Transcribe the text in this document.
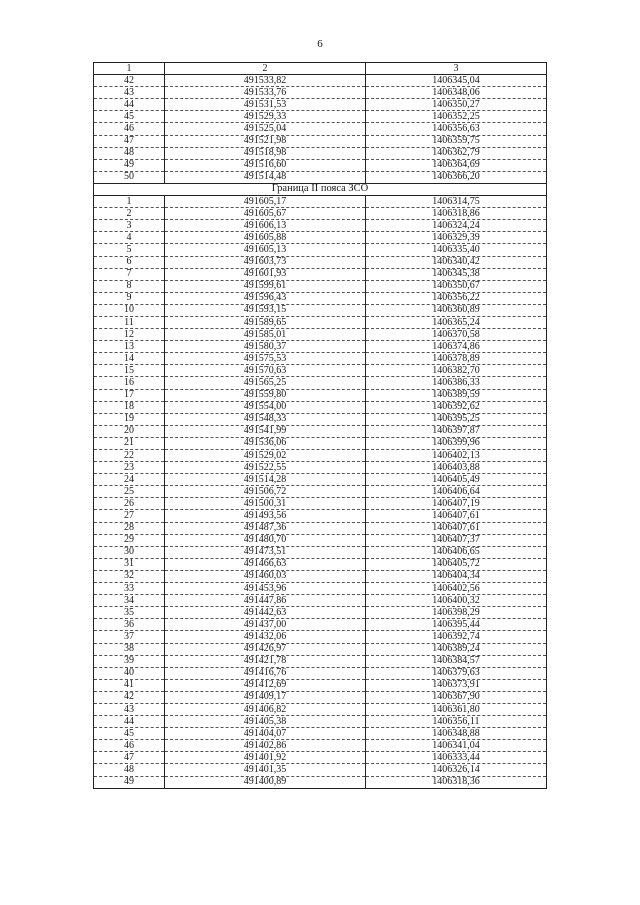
6
1	2	3
42	491533,82	1406345,04
43	491533,76	1406348,06
44	491531,53	1406350,27
45	491529,33	1406352,25
46	491525,04	1406356,63
47	491521,98	1406359,75
48	491518,98	1406362,79
49	491516,60	1406364,69
50	491514,48	1406366,20
Граница II пояса ЗСО		
1	491605,17	1406314,75
2	491605,67	1406318,86
3	491606,13	1406324,24
4	491605,88	1406329,39
5	491605,13	1406335,40
6	491603,73	1406340,42
7	491601,93	1406345,38
8	491599,61	1406350,67
9	491596,43	1406356,22
10	491593,15	1406360,89
11	491589,65	1406365,24
12	491585,01	1406370,58
13	491580,37	1406374,86
14	491575,53	1406378,89
15	491570,63	1406382,70
16	491565,25	1406386,33
17	491559,80	1406389,59
18	491554,00	1406392,62
19	491548,33	1406395,25
20	491541,99	1406397,87
21	491536,06	1406399,96
22	491529,02	1406402,13
23	491522,55	1406403,88
24	491514,28	1406405,49
25	491506,72	1406406,64
26	491500,31	1406407,19
27	491493,56	1406407,61
28	491487,36	1406407,61
29	491480,70	1406407,37
30	491473,51	1406406,65
31	491466,63	1406405,72
32	491460,03	1406404,34
33	491453,96	1406402,56
34	491447,86	1406400,32
35	491442,63	1406398,29
36	491437,00	1406395,44
37	491432,06	1406392,74
38	491426,97	1406389,24
39	491421,78	1406384,57
40	491416,76	1406379,63
41	491412,69	1406373,91
42	491409,17	1406367,90
43	491406,82	1406361,80
44	491405,38	1406356,11
45	491404,07	1406348,88
46	491402,86	1406341,04
47	491401,92	1406333,44
48	491401,35	1406326,14
49	491400,89	1406318,36
